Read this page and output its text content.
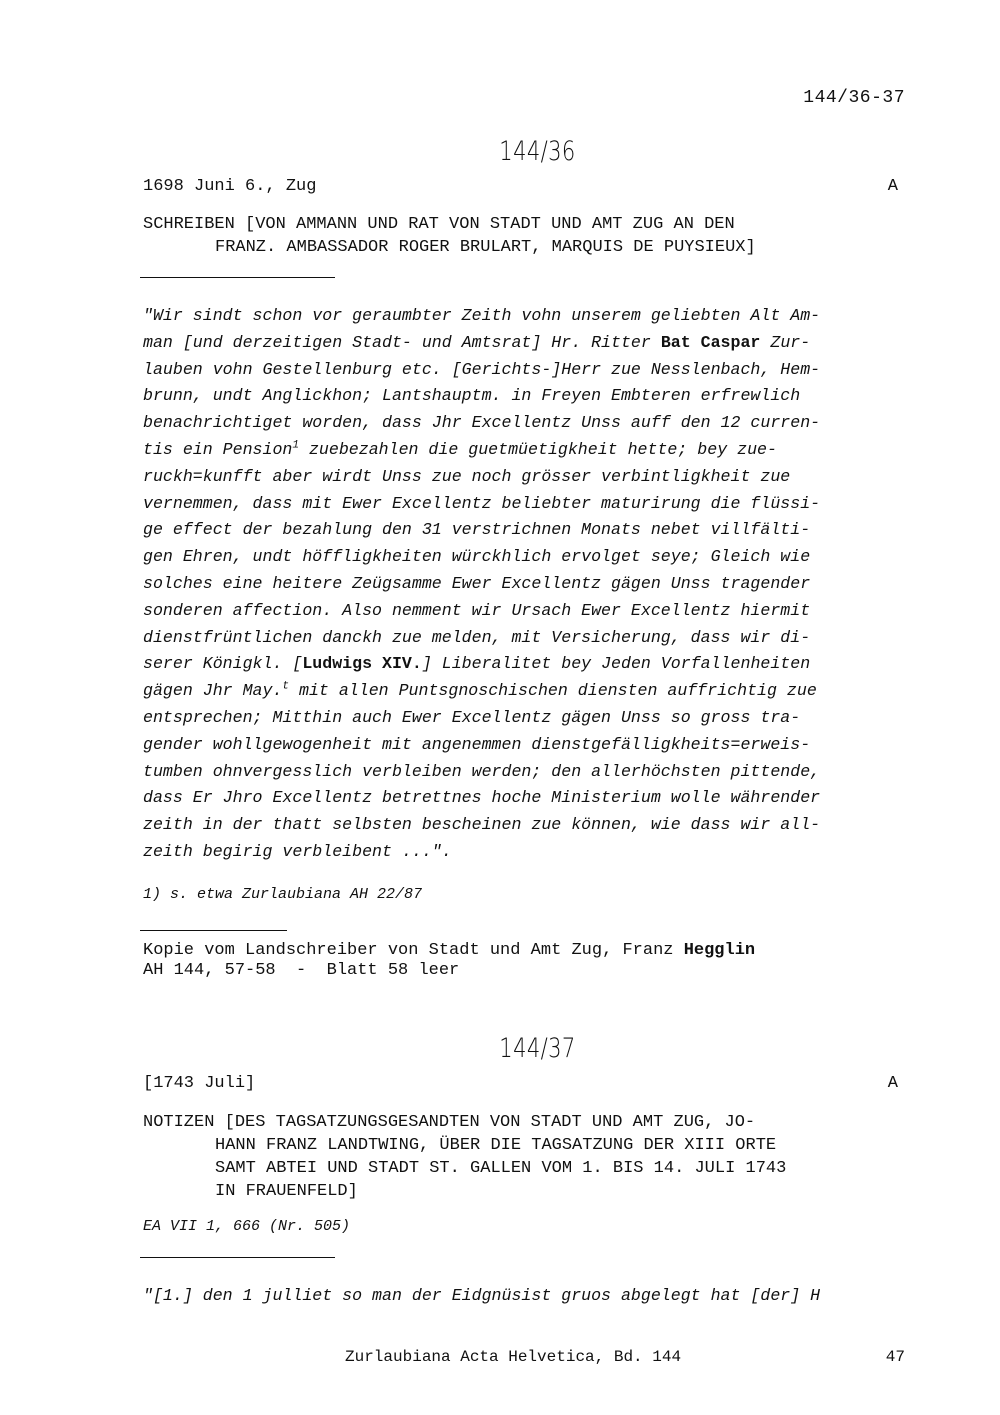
144/36-37
144/36
1698 Juni 6., Zug	A
SCHREIBEN [VON AMMANN UND RAT VON STADT UND AMT ZUG AN DEN
FRANZ. AMBASSADOR ROGER BRULART, MARQUIS DE PUYSIEUX]
"Wir sindt schon vor geraumbter Zeith vohn unserem geliebten Alt Am-
man [und derzeitigen Stadt- und Amtsrat] Hr. Ritter Bat Caspar Zur-
lauben vohn Gestellenburg etc. [Gerichts-]Herr zue Nesslenbach, Hem-
brunn, undt Anglickhon; Lantshauptm. in Freyen Embteren erfrewlich
benachrichtiget worden, dass Jhr Excellentz Unss auff den 12 curren-
tis ein Pension$^1$ zuebezahlen die guetmüetigkheit hette; bey zue-
ruckh=kunfft aber wirdt Unss zue noch grösser verbintligkheit zue
vernemmen, dass mit Ewer Excellentz beliebter maturirung die flüssi-
ge effect der bezahlung den 31 verstrichnen Monats nebet villfälti-
gen Ehren, undt höffligkheiten würckhlich ervolget seye; Gleich wie
solches eine heitere Zeügsamme Ewer Excellentz gägen Unss tragender
sonderen affection. Also nemment wir Ursach Ewer Excellentz hiermit
dienstfrüntlichen danckh zue melden, mit Versicherung, dass wir di-
serer Königkl. [Ludwigs XIV.] Liberalitet bey Jeden Vorfallenheiten
gägen Jhr May.$^t$ mit allen Puntsgnoschischen diensten auffrichtig zue
entsprechen; Mitthin auch Ewer Excellentz gägen Unss so gross tra-
gender wohllgewogenheit mit angenemmen dienstgefälligkheits=erweis-
tumben ohnvergesslich verbleiben werden; den allerhöchsten pittende,
dass Er Jhro Excellentz betrettnes hoche Ministerium wolle währender
zeith in der thatt selbsten bescheinen zue können, wie dass wir all-
zeith begirig verbleibent ...".
1) s. etwa Zurlaubiana AH 22/87
Kopie vom Landschreiber von Stadt und Amt Zug, Franz Hegglin
AH 144, 57-58  -  Blatt 58 leer
144/37
[1743 Juli]	A
NOTIZEN [DES TAGSATZUNGSGESANDTEN VON STADT UND AMT ZUG, JO-
HANN FRANZ LANDTWING, ÜBER DIE TAGSATZUNG DER XIII ORTE
SAMT ABTEI UND STADT ST. GALLEN VOM 1. BIS 14. JULI 1743
IN FRAUENFELD]
EA VII 1, 666 (Nr. 505)
"[1.] den 1 julliet so man der Eidgnüsist gruos abgelegt hat [der] H
Zurlaubiana Acta Helvetica, Bd. 144	47
